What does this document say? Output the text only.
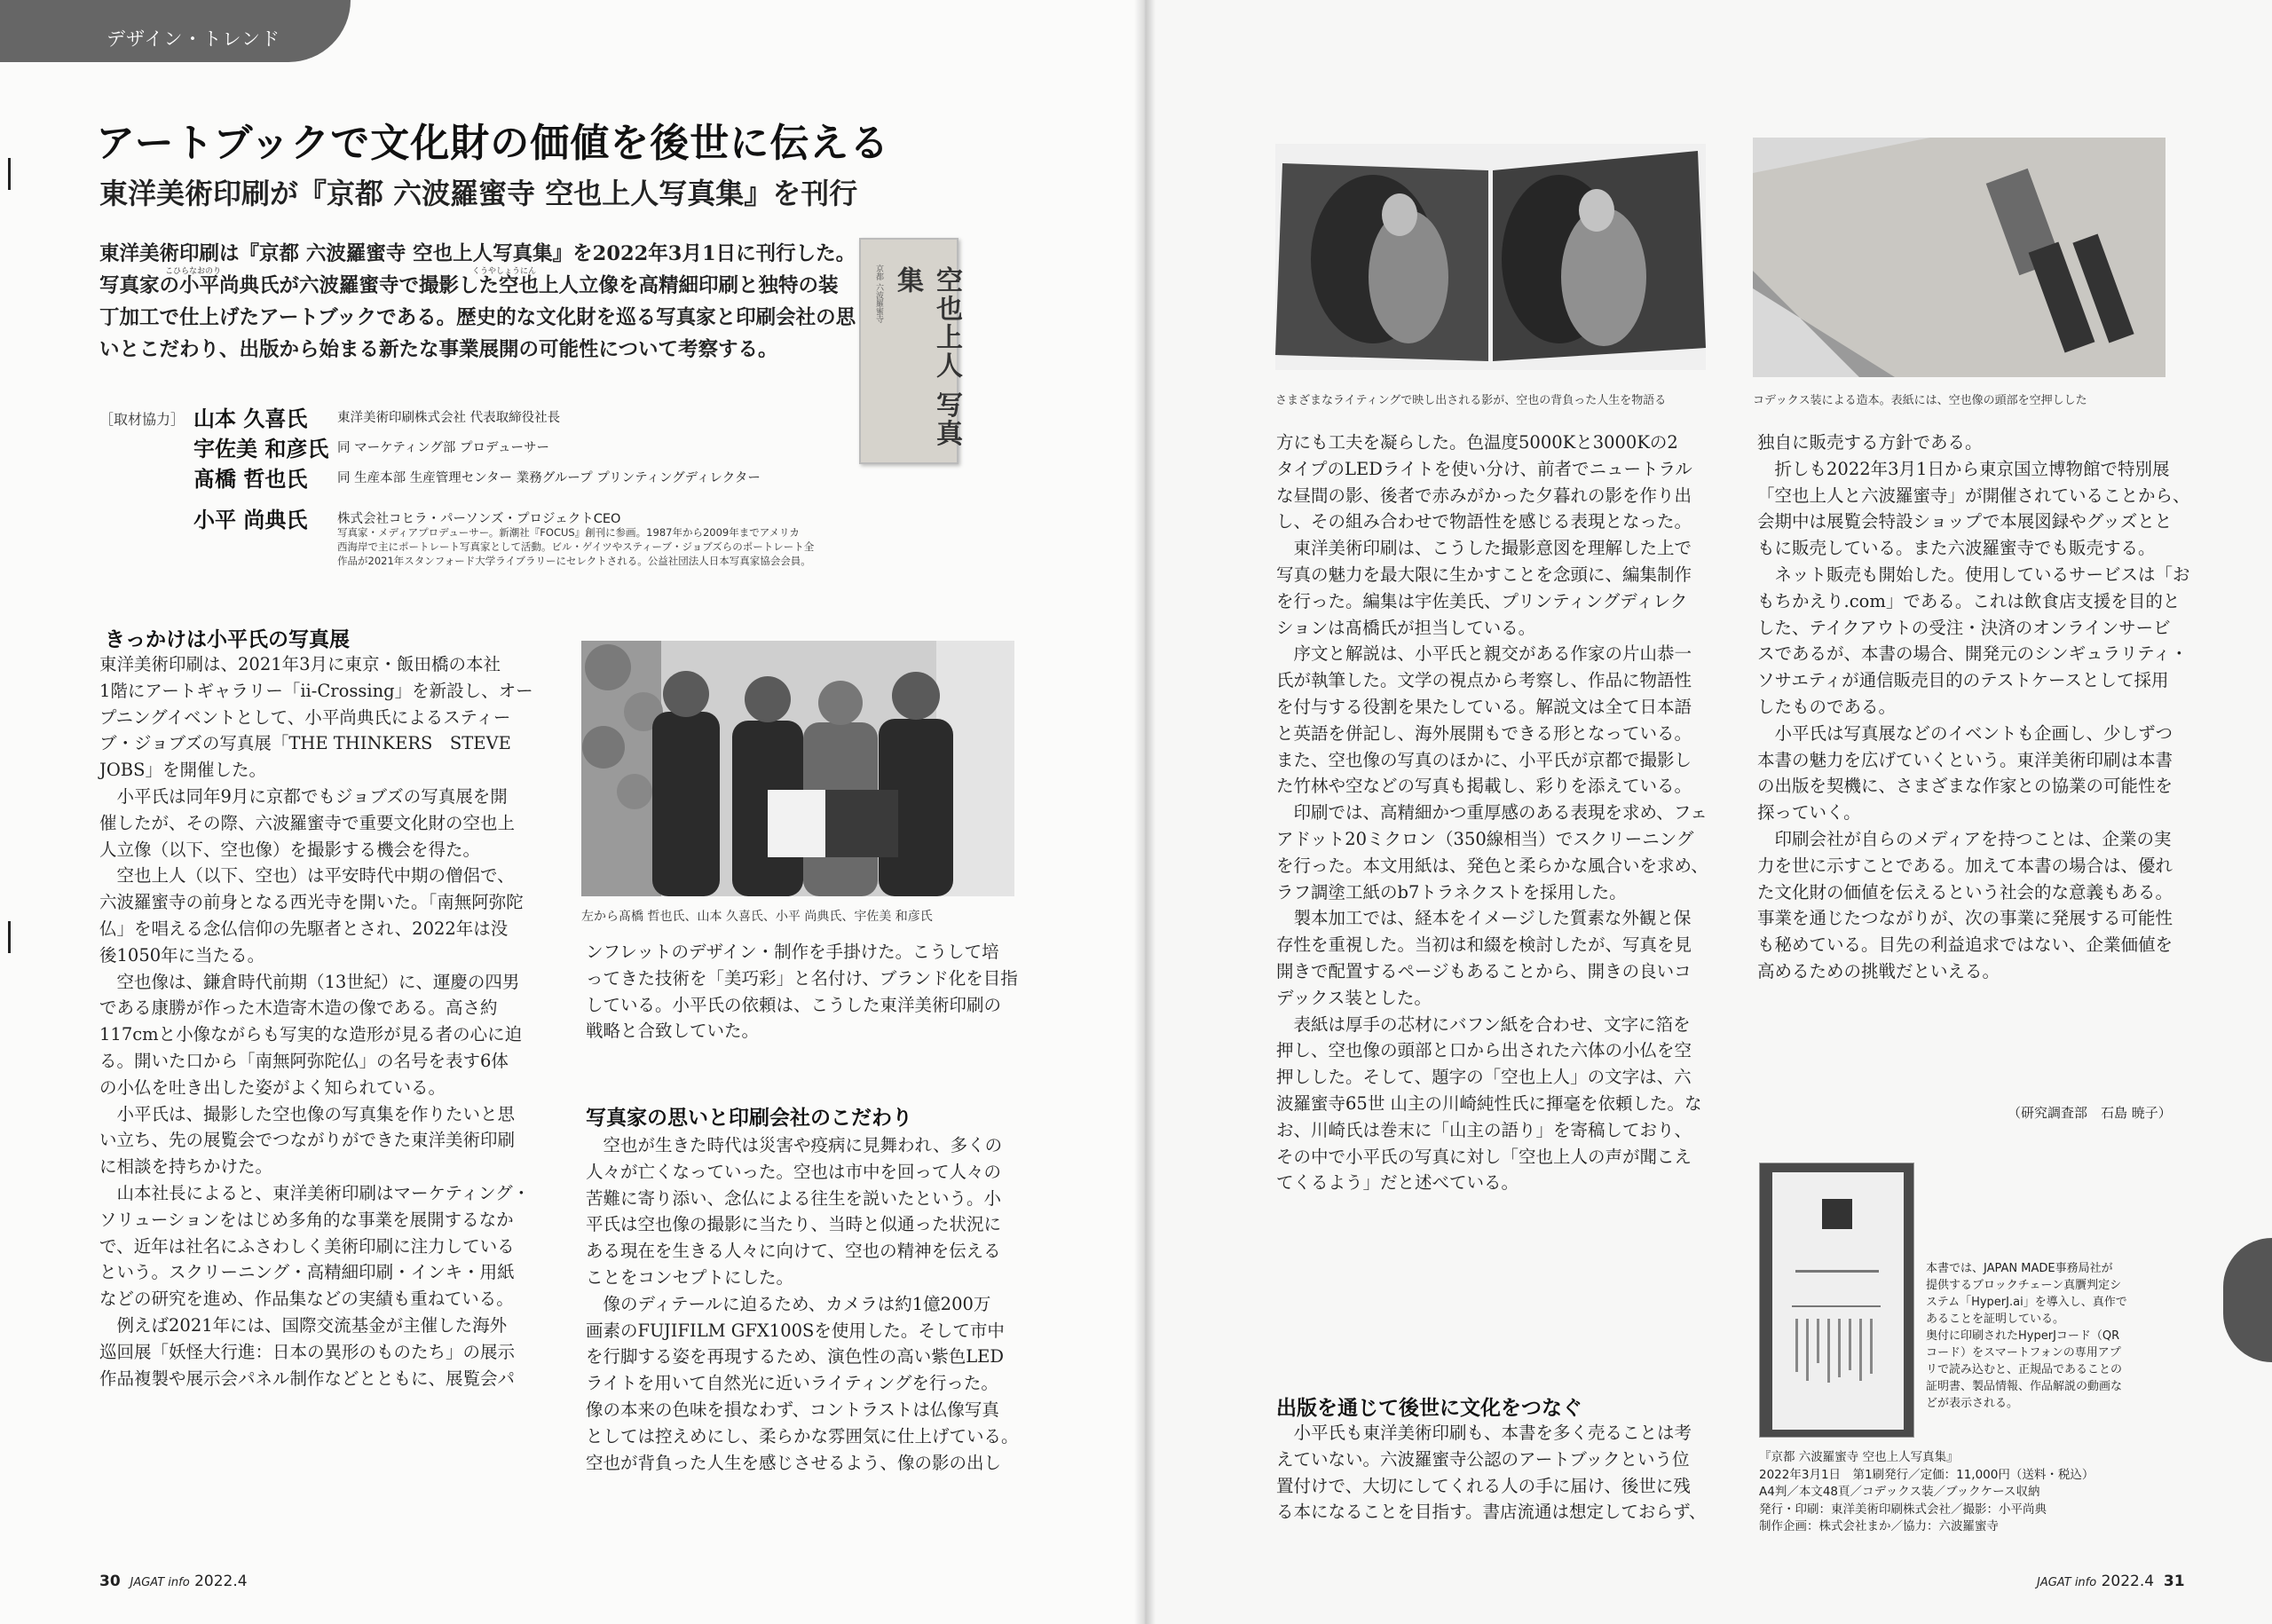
デザイン・トレンド
アートブックで文化財の価値を後世に伝える
東洋美術印刷が『京都 六波羅蜜寺 空也上人写真集』を刊行
こひらなおのり	くうやしょうにん

東洋美術印刷は『京都 六波羅蜜寺 空也上人写真集』を2022年3月1日に刊行した。

写真家の小平尚典氏が六波羅蜜寺で撮影した空也上人立像を高精細印刷と独特の装

丁加工で仕上げたアートブックである。歴史的な文化財を巡る写真家と印刷会社の思

いとこだわり、出版から始まる新たな事業展開の可能性について考察する。

京都 六波羅蜜寺	空也上人 写真集
［取材協力］ 山本 久喜氏 東洋美術印刷株式会社 代表取締役社長
宇佐美 和彦氏 同 マーケティング部 プロデューサー
髙橋 哲也氏 同 生産本部 生産管理センター 業務グループ プリンティングディレクター
小平 尚典氏 株式会社コヒラ・パーソンズ・プロジェクトCEO

写真家・メディアプロデューサー。新潮社『FOCUS』創刊に参画。1987年から2009年までアメリカ

西海岸で主にポートレート写真家として活動。ビル・ゲイツやスティーブ・ジョブズらのポートレート全

作品が2021年スタンフォード大学ライブラリーにセレクトされる。公益社団法人日本写真家協会会員。

きっかけは小平氏の写真展

東洋美術印刷は、2021年3月に東京・飯田橋の本社

1階にアートギャラリー「ii-Crossing」を新設し、オー

プニングイベントとして、小平尚典氏によるスティー

ブ・ジョブズの写真展「THE THINKERS　STEVE

JOBS」を開催した。

　小平氏は同年9月に京都でもジョブズの写真展を開

催したが、その際、六波羅蜜寺で重要文化財の空也上

人立像（以下、空也像）を撮影する機会を得た。

　空也上人（以下、空也）は平安時代中期の僧侶で、

六波羅蜜寺の前身となる西光寺を開いた。「南無阿弥陀

仏」を唱える念仏信仰の先駆者とされ、2022年は没

後1050年に当たる。

　空也像は、鎌倉時代前期（13世紀）に、運慶の四男

である康勝が作った木造寄木造の像である。高さ約

117cmと小像ながらも写実的な造形が見る者の心に迫

る。開いた口から「南無阿弥陀仏」の名号を表す6体

の小仏を吐き出した姿がよく知られている。

　小平氏は、撮影した空也像の写真集を作りたいと思

い立ち、先の展覧会でつながりができた東洋美術印刷

に相談を持ちかけた。

　山本社長によると、東洋美術印刷はマーケティング・

ソリューションをはじめ多角的な事業を展開するなか

で、近年は社名にふさわしく美術印刷に注力している

という。スクリーニング・高精細印刷・インキ・用紙

などの研究を進め、作品集などの実績も重ねている。

　例えば2021年には、国際交流基金が主催した海外

巡回展「妖怪大行進：日本の異形のものたち」の展示

作品複製や展示会パネル制作などとともに、展覧会パ

左から髙橋 哲也氏、山本 久喜氏、小平 尚典氏、宇佐美 和彦氏

ンフレットのデザイン・制作を手掛けた。こうして培

ってきた技術を「美巧彩」と名付け、ブランド化を目指

している。小平氏の依頼は、こうした東洋美術印刷の

戦略と合致していた。

写真家の思いと印刷会社のこだわり

　空也が生きた時代は災害や疫病に見舞われ、多くの

人々が亡くなっていった。空也は市中を回って人々の

苦難に寄り添い、念仏による往生を説いたという。小

平氏は空也像の撮影に当たり、当時と似通った状況に

ある現在を生きる人々に向けて、空也の精神を伝える

ことをコンセプトにした。

　像のディテールに迫るため、カメラは約1億200万

画素のFUJIFILM GFX100Sを使用した。そして市中

を行脚する姿を再現するため、演色性の高い紫色LED

ライトを用いて自然光に近いライティングを行った。

像の本来の色味を損なわず、コントラストは仏像写真

としては控えめにし、柔らかな雰囲気に仕上げている。

空也が背負った人生を感じさせるよう、像の影の出し

30 JAGAT info 2022.4
さまざまなライティングで映し出される影が、空也の背負った人生を物語る	コデックス装による造本。表紙には、空也像の頭部を空押しした

方にも工夫を凝らした。色温度5000Kと3000Kの2

タイプのLEDライトを使い分け、前者でニュートラル

な昼間の影、後者で赤みがかった夕暮れの影を作り出

し、その組み合わせで物語性を感じる表現となった。

　東洋美術印刷は、こうした撮影意図を理解した上で

写真の魅力を最大限に生かすことを念頭に、編集制作

を行った。編集は宇佐美氏、プリンティングディレク

ションは髙橋氏が担当している。

　序文と解説は、小平氏と親交がある作家の片山恭一

氏が執筆した。文学の視点から考察し、作品に物語性

を付与する役割を果たしている。解説文は全て日本語

と英語を併記し、海外展開もできる形となっている。

また、空也像の写真のほかに、小平氏が京都で撮影し

た竹林や空などの写真も掲載し、彩りを添えている。

　印刷では、高精細かつ重厚感のある表現を求め、フェ

アドット20ミクロン（350線相当）でスクリーニング

を行った。本文用紙は、発色と柔らかな風合いを求め、

ラフ調塗工紙のb7トラネクストを採用した。

　製本加工では、経本をイメージした質素な外観と保

存性を重視した。当初は和綴を検討したが、写真を見

開きで配置するページもあることから、開きの良いコ

デックス装とした。

　表紙は厚手の芯材にバフン紙を合わせ、文字に箔を

押し、空也像の頭部と口から出された六体の小仏を空

押しした。そして、題字の「空也上人」の文字は、六

波羅蜜寺65世 山主の川崎純性氏に揮毫を依頼した。な

お、川崎氏は巻末に「山主の語り」を寄稿しており、

その中で小平氏の写真に対し「空也上人の声が聞こえ

てくるよう」だと述べている。

出版を通じて後世に文化をつなぐ

　小平氏も東洋美術印刷も、本書を多く売ることは考

えていない。六波羅蜜寺公認のアートブックという位

置付けで、大切にしてくれる人の手に届け、後世に残

る本になることを目指す。書店流通は想定しておらず、

独自に販売する方針である。

　折しも2022年3月1日から東京国立博物館で特別展

「空也上人と六波羅蜜寺」が開催されていることから、

会期中は展覧会特設ショップで本展図録やグッズとと

もに販売している。また六波羅蜜寺でも販売する。

　ネット販売も開始した。使用しているサービスは「お

もちかえり.com」である。これは飲食店支援を目的と

した、テイクアウトの受注・決済のオンラインサービ

スであるが、本書の場合、開発元のシンギュラリティ・

ソサエティが通信販売目的のテストケースとして採用

したものである。

　小平氏は写真展などのイベントも企画し、少しずつ

本書の魅力を広げていくという。東洋美術印刷は本書

の出版を契機に、さまざまな作家との協業の可能性を

探っていく。

　印刷会社が自らのメディアを持つことは、企業の実

力を世に示すことである。加えて本書の場合は、優れ

た文化財の価値を伝えるという社会的な意義もある。

事業を通じたつながりが、次の事業に発展する可能性

も秘めている。目先の利益追求ではない、企業価値を

高めるための挑戦だといえる。

（研究調査部　石島 暁子）

本書では、JAPAN MADE事務局社が

提供するブロックチェーン真贋判定シ

ステム「HyperJ.ai」を導入し、真作で

あることを証明している。

奥付に印刷されたHyperJコード（QR

コード）をスマートフォンの専用アプ

リで読み込むと、正規品であることの

証明書、製品情報、作品解説の動画な

どが表示される。

『京都 六波羅蜜寺 空也上人写真集』

2022年3月1日　第1刷発行／定価：11,000円（送料・税込）

A4判／本文48頁／コデックス装／ブックケース収納

発行・印刷：東洋美術印刷株式会社／撮影：小平尚典

制作企画：株式会社まか／協力：六波羅蜜寺

JAGAT info 2022.4 31
